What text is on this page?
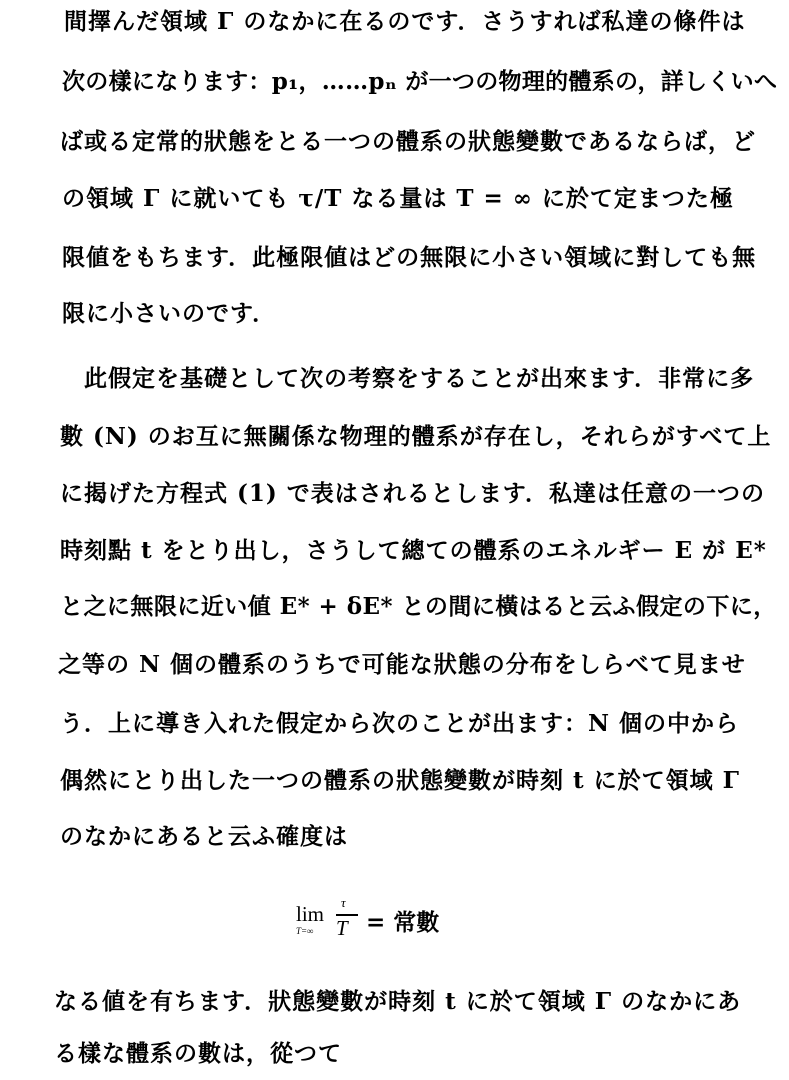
間擇んだ領域 Γ のなかに在るのです．さうすれば私達の條件は
次の樣になります：p₁，……pₙ が一つの物理的體系の，詳しくいへ
ば或る定常的狀態をとる一つの體系の狀態變數であるならば，ど
の領域 Γ に就いても τ/T なる量は T = ∞ に於て定まつた極
限値をもちます．此極限値はどの無限に小さい領域に對しても無
限に小さいのです．
此假定を基礎として次の考察をすることが出來ます．非常に多
數 (N) のお互に無關係な物理的體系が存在し，それらがすべて上
に揭げた方程式 (1) で表はされるとします．私達は任意の一つの
時刻點 t をとり出し，さうして總ての體系のエネルギー E が E*
と之に無限に近い値 E* + δE* との間に橫はると云ふ假定の下に，
之等の N 個の體系のうちで可能な狀態の分布をしらべて見ませ
う．上に導き入れた假定から次のことが出ます：N 個の中から
偶然にとり出した一つの體系の狀態變數が時刻 t に於て領域 Γ
のなかにあると云ふ確度は
lim
T=∞
τ
T = 常數
なる値を有ちます．狀態變數が時刻 t に於て領域 Γ のなかにあ
る樣な體系の數は，從つて
